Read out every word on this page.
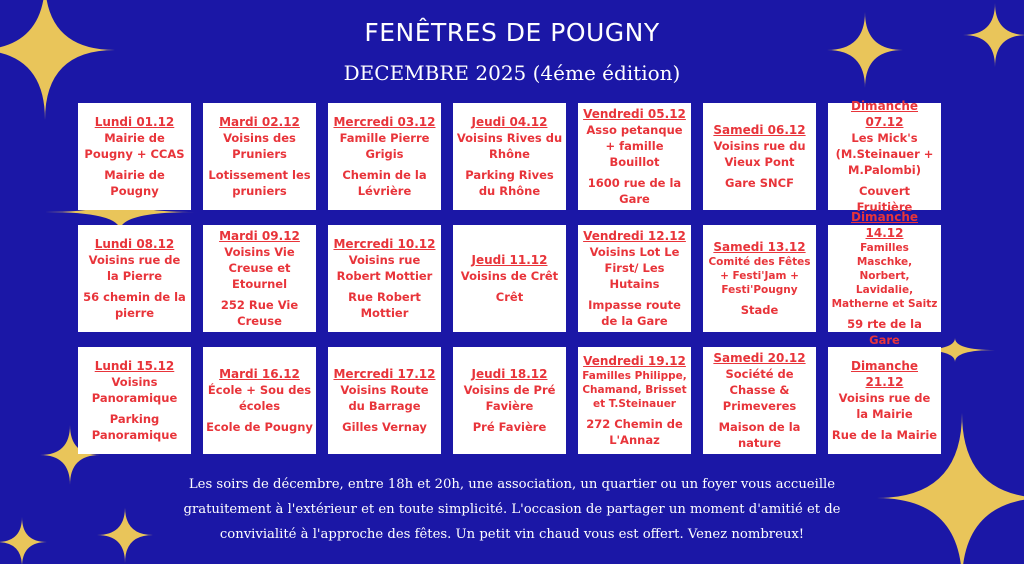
FENÊTRES DE POUGNY
DECEMBRE 2025 (4éme édition)
Lundi 01.12
Mairie de Pougny + CCAS
Mairie de Pougny
Mardi 02.12
Voisins des Pruniers
Lotissement les pruniers
Mercredi 03.12
Famille Pierre Grigis
Chemin de la Lévrière
Jeudi 04.12
Voisins Rives du Rhône
Parking Rives du Rhône
Vendredi 05.12
Asso petanque + famille Bouillot
1600 rue de la Gare
Samedi 06.12
Voisins rue du Vieux Pont
Gare SNCF
Dimanche 07.12
Les Mick's (M.Steinauer + M.Palombi)
Couvert Fruitière
Lundi 08.12
Voisins rue de la Pierre
56 chemin de la pierre
Mardi 09.12
Voisins Vie Creuse et Etournel
252 Rue Vie Creuse
Mercredi 10.12
Voisins rue Robert Mottier
Rue Robert Mottier
Jeudi 11.12
Voisins de Crêt
Crêt
Vendredi 12.12
Voisins Lot Le First/ Les Hutains
Impasse route de la Gare
Samedi 13.12
Comité des Fêtes + Festi'Jam + Festi'Pougny
Stade
Dimanche 14.12
Familles Maschke, Norbert, Lavidalie, Matherne et Saitz
59 rte de la Gare
Lundi 15.12
Voisins Panoramique
Parking Panoramique
Mardi 16.12
École + Sou des écoles
Ecole de Pougny
Mercredi 17.12
Voisins Route du Barrage
Gilles Vernay
Jeudi 18.12
Voisins de Pré Favière
Pré Favière
Vendredi 19.12
Familles Philippe, Chamand, Brisset et T.Steinauer
272 Chemin de L'Annaz
Samedi 20.12
Société de Chasse & Primeveres
Maison de la nature
Dimanche 21.12
Voisins rue de la Mairie
Rue de la Mairie
Les soirs de décembre, entre 18h et 20h, une association, un quartier ou un foyer vous accueille gratuitement à l'extérieur et en toute simplicité. L'occasion de partager un moment d'amitié et de convivialité à l'approche des fêtes. Un petit vin chaud vous est offert. Venez nombreux!
